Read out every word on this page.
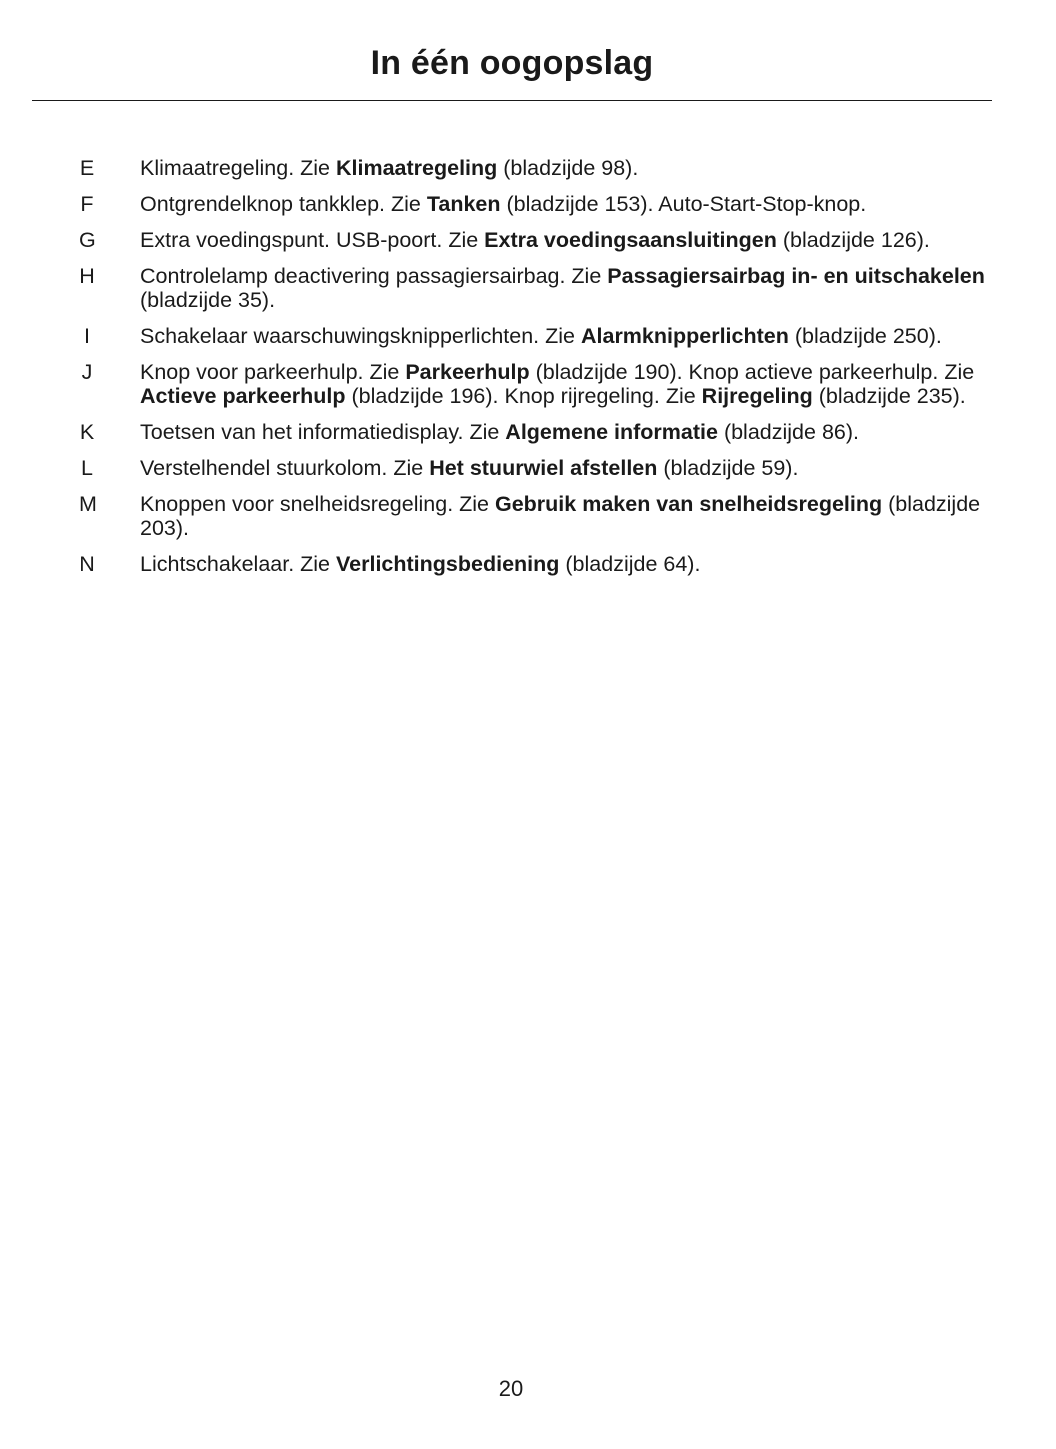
In één oogopslag
E Klimaatregeling. Zie Klimaatregeling (bladzijde 98).
F Ontgrendelknop tankklep. Zie Tanken (bladzijde 153). Auto-Start-Stop-knop.
G Extra voedingspunt. USB-poort. Zie Extra voedingsaansluitingen (bladzijde 126).
H Controlelamp deactivering passagiersairbag. Zie Passagiersairbag in- en uitschakelen (bladzijde 35).
I Schakelaar waarschuwingsknipperlichten. Zie Alarmknipperlichten (bladzijde 250).
J Knop voor parkeerhulp. Zie Parkeerhulp (bladzijde 190). Knop actieve parkeerhulp. Zie Actieve parkeerhulp (bladzijde 196). Knop rijregeling. Zie Rijregeling (bladzijde 235).
K Toetsen van het informatiedisplay. Zie Algemene informatie (bladzijde 86).
L Verstelhendel stuurkolom. Zie Het stuurwiel afstellen (bladzijde 59).
M Knoppen voor snelheidsregeling. Zie Gebruik maken van snelheidsregeling (bladzijde 203).
N Lichtschakelaar. Zie Verlichtingsbediening (bladzijde 64).
20
